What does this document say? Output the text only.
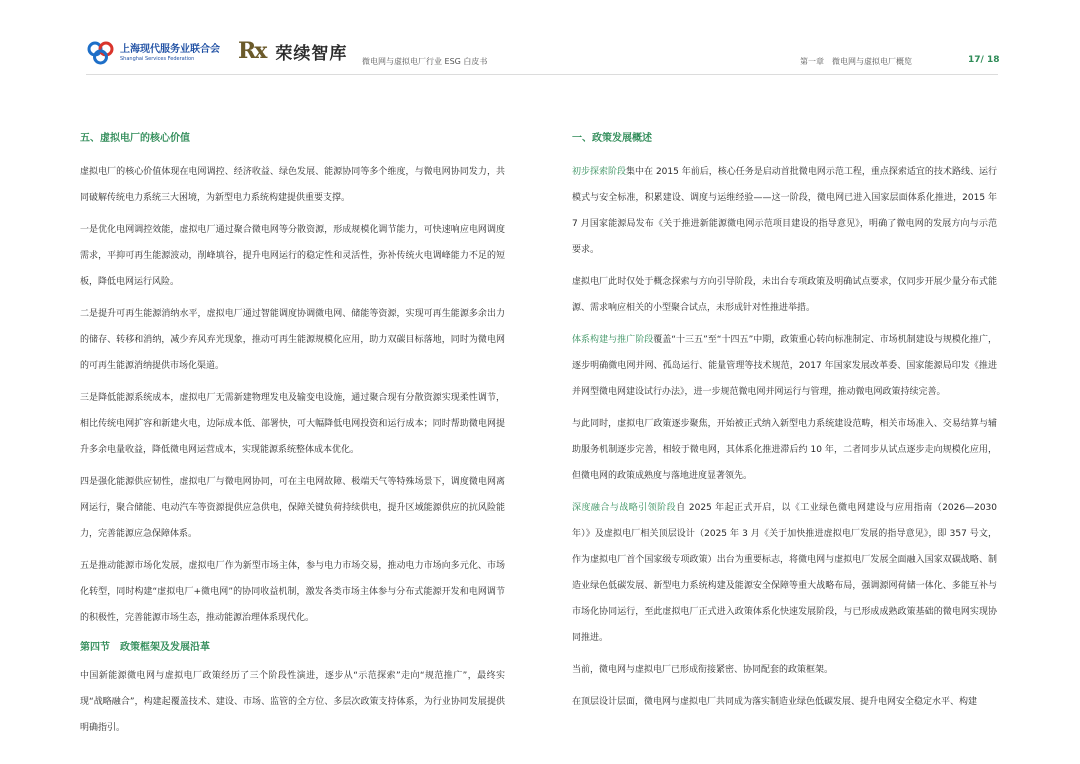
上海现代服务业联合会
Shanghai Services Federation	Rx 荣续智库 微电网与虚拟电厂行业 ESG 白皮书	第一章　微电网与虚拟电厂概览	17/ 18
五、虚拟电厂的核心价值

虚拟电厂的核心价值体现在电网调控、经济收益、绿色发展、能源协同等多个维度，与微电网协同发力，共同破解传统电力系统三大困境，为新型电力系统构建提供重要支撑。

一是优化电网调控效能，虚拟电厂通过聚合微电网等分散资源，形成规模化调节能力，可快速响应电网调度需求，平抑可再生能源波动，削峰填谷，提升电网运行的稳定性和灵活性，弥补传统火电调峰能力不足的短板，降低电网运行风险。

二是提升可再生能源消纳水平，虚拟电厂通过智能调度协调微电网、储能等资源，实现可再生能源多余出力的储存、转移和消纳，减少弃风弃光现象，推动可再生能源规模化应用，助力双碳目标落地，同时为微电网的可再生能源消纳提供市场化渠道。

三是降低能源系统成本，虚拟电厂无需新建物理发电及输变电设施，通过聚合现有分散资源实现柔性调节，相比传统电网扩容和新建火电，边际成本低、部署快，可大幅降低电网投资和运行成本；同时帮助微电网提升多余电量收益，降低微电网运营成本，实现能源系统整体成本优化。

四是强化能源供应韧性，虚拟电厂与微电网协同，可在主电网故障、极端天气等特殊场景下，调度微电网离网运行，聚合储能、电动汽车等资源提供应急供电，保障关键负荷持续供电，提升区域能源供应的抗风险能力，完善能源应急保障体系。

五是推动能源市场化发展，虚拟电厂作为新型市场主体，参与电力市场交易，推动电力市场向多元化、市场化转型，同时构建“虚拟电厂+微电网”的协同收益机制，激发各类市场主体参与分布式能源开发和电网调节的积极性，完善能源市场生态，推动能源治理体系现代化。

第四节　政策框架及发展沿革

中国新能源微电网与虚拟电厂政策经历了三个阶段性演进，逐步从“示范探索”走向“规范推广”，最终实现“战略融合”，构建起覆盖技术、建设、市场、监管的全方位、多层次政策支持体系，为行业协同发展提供明确指引。

一、政策发展概述

初步探索阶段集中在 2015 年前后，核心任务是启动首批微电网示范工程，重点探索适宜的技术路线、运行模式与安全标准，积累建设、调度与运维经验——这一阶段，微电网已进入国家层面体系化推进，2015 年 7 月国家能源局发布《关于推进新能源微电网示范项目建设的指导意见》，明确了微电网的发展方向与示范要求。

虚拟电厂此时仅处于概念探索与方向引导阶段，未出台专项政策及明确试点要求，仅同步开展少量分布式能源、需求响应相关的小型聚合试点，未形成针对性推进举措。

体系构建与推广阶段覆盖“十三五”至“十四五”中期，政策重心转向标准制定、市场机制建设与规模化推广，逐步明确微电网并网、孤岛运行、能量管理等技术规范，2017 年国家发展改革委、国家能源局印发《推进并网型微电网建设试行办法》，进一步规范微电网并网运行与管理，推动微电网政策持续完善。

与此同时，虚拟电厂政策逐步聚焦，开始被正式纳入新型电力系统建设范畴，相关市场准入、交易结算与辅助服务机制逐步完善，相较于微电网，其体系化推进滞后约 10 年，二者同步从试点逐步走向规模化应用，但微电网的政策成熟度与落地进度显著领先。

深度融合与战略引领阶段自 2025 年起正式开启，以《工业绿色微电网建设与应用指南（2026—2030 年）》及虚拟电厂相关顶层设计（2025 年 3 月《关于加快推进虚拟电厂发展的指导意见》，即 357 号文，作为虚拟电厂首个国家级专项政策）出台为重要标志，将微电网与虚拟电厂发展全面融入国家双碳战略、制造业绿色低碳发展、新型电力系统构建及能源安全保障等重大战略布局，强调源网荷储一体化、多能互补与市场化协同运行，至此虚拟电厂正式进入政策体系化快速发展阶段，与已形成成熟政策基础的微电网实现协同推进。

当前，微电网与虚拟电厂已形成衔接紧密、协同配套的政策框架。

在顶层设计层面，微电网与虚拟电厂共同成为落实制造业绿色低碳发展、提升电网安全稳定水平、构建
